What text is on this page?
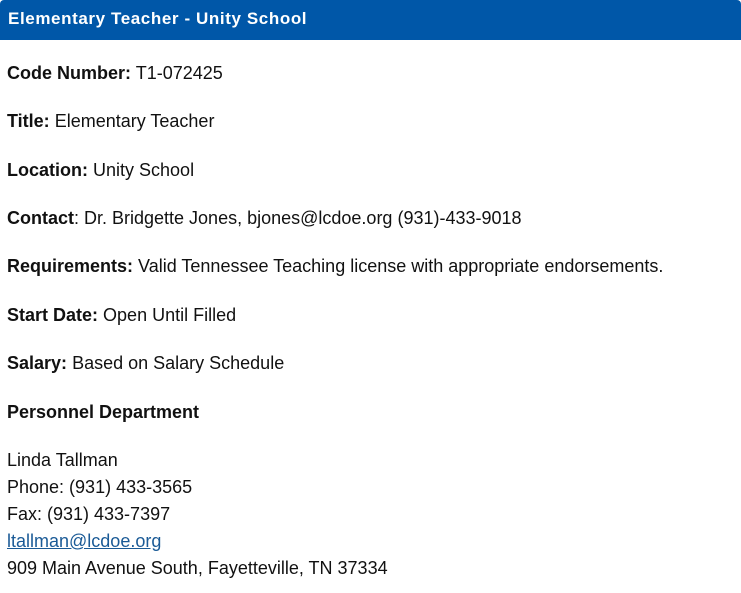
Elementary Teacher - Unity School
Code Number: T1-072425
Title: Elementary Teacher
Location: Unity School
Contact: Dr. Bridgette Jones, bjones@lcdoe.org (931)-433-9018
Requirements: Valid Tennessee Teaching license with appropriate endorsements.
Start Date: Open Until Filled
Salary: Based on Salary Schedule
Personnel Department
Linda Tallman
Phone: (931) 433-3565
Fax: (931) 433-7397
ltallman@lcdoe.org
909 Main Avenue South, Fayetteville, TN 37334
